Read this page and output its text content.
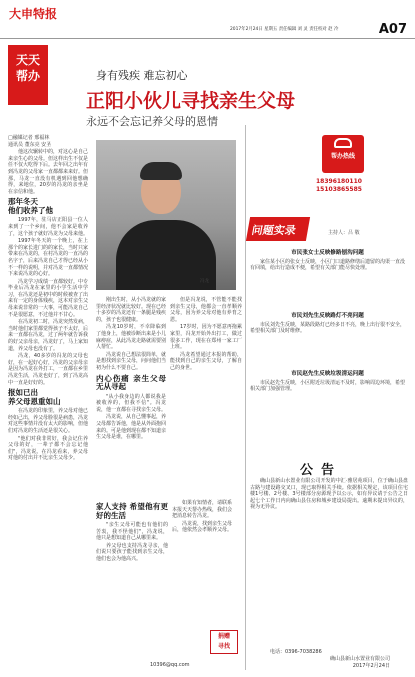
大申特报
2017年2月24日 星期五 责任编辑 刘 灵 责任校对 赵 冷	A07
天天
帮办	身有残疾 难忘初心
正阳小伙儿寻找亲生父母
永远不会忘记养父母的恩情
冯龙

□融媒记者 邢福林
通讯员 董东亮 安圣

他这次辗转中的，对这心是自己来亲生心的父母。但这样出生不仅是任不仅大吃得下后。去年回之出年有到冯龙的父母家一直都都来来好。但那，马龙一直没有机遇到回他想确得，来地位，20岁的冯龙的亲坐是在亲信和他。

那年冬天
他们收养了他

1997年，驻马店正阳县一位人来到了一个乡间，他不会家是收养了，这个孩子就好冯龙为父母来他。

1997年冬天的一个晚上，在上那个的家长进门的的家长，当时只家带来在冯龙的，在村冯龙的一直冯的名字子，后来冯龙自己才得已经从小不一样的说明，并对冯龙一直都情况下来说冯龙的心好。

冯龙学习成绩一直都较好。中专毕业后冯龙在家里的小学生活中学习，在冯龙还是初中的时候被查了出来有一定的身体残疾，这本对亲生父母来说非常的一大事，可能冯龙自己不是很愿意，不过他并不甘心。

在冯龙初二时，冯龙突然发病，当时他们家里都觉得孩子不太好，后来一直都在冯龙，过了两年就告诉我的好父亲母亲，冯龙好了，马上家知道，养父母也没有了。

冯龙，40多岁的冯龙的父母也好，在一起好心好，冯龙的父亲母亲是因为冯龙在外打工，一直都在乡里冯龙生活，冯龙也好了，到了冯龙高中一直是好好的。

报如已出
养父母恩重如山

在冯龙的印象里，养父母对他已经如己出，养父母脸很是病患，冯龙对这些事情并没有太大的影响，但他们对冯龙的生活还是很关心。

"他们对我非常好，我会记住养父母的好，一辈子都不会忘记他们"，冯龙说。在冯龙看来，养父母对他的付出并不比亲生父母少。

刚出生时，从小冯龙就的家里经济状况就比较好。现在已经十多岁的冯龙还有一条腿是残疾的，孩子也很健康。

冯龙10岁时，不幸降临到了他身上，他被诊断出来是小儿麻痹症，从此冯龙走路就需要别人帮忙。

冯龙说自己想法很简单，就是想找到亲生父母，问问他们当初为什么不要自己。

内心伤痛 亲生父母无从寻起

"从小我身边的人都说我是被收养的，但我不信"。冯龙说，他一直都在寻找亲生父母。

冯龙说，从自己懂事起，养父母都告诉他，他是从外面抱回来的。可是他到现在都不知道亲生父母是谁，在哪里。

但是冯龙说，不管能不能找到亲生父母，他都会一直孝顺养父母，因为养父母对他有养育之恩。

17岁时，因为不愿意再拖累家里，冯龙开始外出打工，做过很多工作，现在在郑州一家工厂上班。

冯龙希望通过本报的帮助，能找到自己的亲生父母，了解自己的身世。

家人支持 希望他有更好的生活

"亲生父母可能也有他们的苦衷，我不怪他们"，冯龙说，他只是想知道自己从哪里来。

养父母也支持冯龙寻亲，他们说只要孩子能找到亲生父母，他们也会为他高兴。

如果有知情者，请联系本报天天帮办热线，我们会把消息转告冯龙。

冯龙说，找到亲生父母后，他依然会孝顺养父母。

捐赠
寻找
10396@qq.com
帮办热线
18396180110
15103865585
问题实录	主持人：吕 敬
市民张女士反映修路刨沟问题

家住某小区的张女士反映，小区门口道路修缮后遗留的沟渠一直没有回填，给出行造成不便，希望有关部门能尽快处理。

市民刘先生反映路灯不亮问题

市民刘先生反映，某路段路灯已经多日不亮，晚上出行很不安全，希望相关部门及时维修。

市民赵先生反映垃圾清运问题

市民赵先生反映，小区附近垃圾清运不及时，影响周边环境，希望相关部门加强管理。

公告

确山县新山水置业有限公司开发的中汇·雅居苑项目，位于确山县盘古路与建设路交叉口，现已取得相关手续。依据相关规定，该项目住宅楼1号楼、2号楼、3号楼部分房源现予以公示，如有异议请于公告之日起七个工作日内向确山县住房和城乡建设局提出。逾期未提出异议的，视为无异议。

电话：0396-7038286
确山县新山水置业有限公司
2017年2月24日
